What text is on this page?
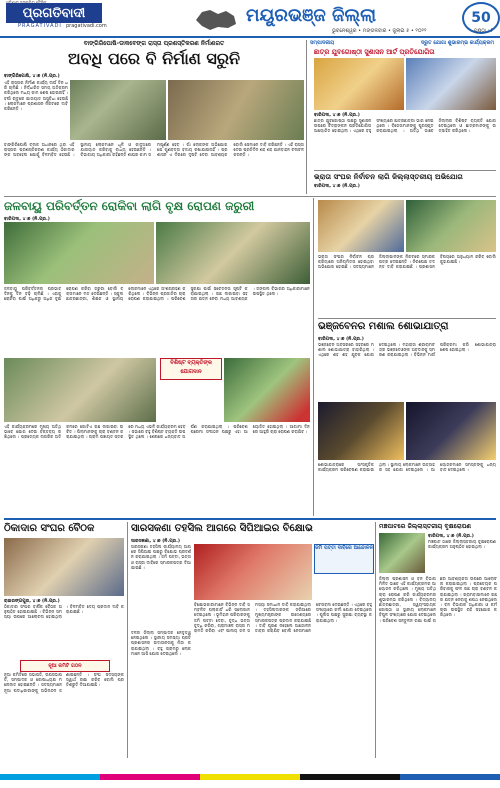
ପ୍ରଗତିବାଦୀ
PRAGATIVADI pragativadi.com	ମୟୂରଭଞ୍ଜ ଜିଲ୍ଲା	50
ଭୁବନେଶ୍ୱର • ମଙ୍ଗଳବାର • ଜୁଲାଇ ୫ • ୨୦୨୨	ପୃଷ୍ଠା : ୮
ବାଙ୍ଗିରିପୋଷି-ଡାକବେଙ୍ଗ ରାସ୍ତା ପ୍ରଶସ୍ତିକରଣ ନିର୍ମାଣରତ
ଅବଧି ପରେ ବି ନିର୍ମାଣ ସରୁନି
ବାଙ୍ଗିରିପୋଷି, ୪।୭ (ନି.ପ୍ର.)
ଏହି ରାସ୍ତାର ନିର୍ମାଣ କାର୍ଯ୍ୟ ଦୀର୍ଘ ଦିନ ଧରି ଚାଲିଛି । ନିର୍ଦ୍ଧାରିତ ସମୟ ଅତିକ୍ରମ କରିଥିଲେ ମଧ୍ୟ କାମ ଶେଷ ହୋଇନାହିଁ । ବର୍ଷା ଋତୁରେ ଯାତାୟାତ ଅସୁବିଧା ହେଉଛି । ଲୋକମାନେ ପ୍ରଶାସନ ନିକଟରେ ଦାବି କରିଛନ୍ତି ।
ବାଙ୍ଗିରିପୋଷି ବ୍ଲକ ଅଧୀନରେ ଥିବା ଏହି ରାସ୍ତାର ପ୍ରଶସ୍ତିକରଣ କାର୍ଯ୍ୟ ଠିକାଦାରଙ୍କ ଅବହେଳା ଯୋଗୁଁ ବିଳମ୍ବିତ ହେଉଛି । ସ୍ଥାନୀୟ ଲୋକମାନେ ଧୂଳି ଓ କାଦୁଅରେ ଯାତାୟାତ କରିବାକୁ ବାଧ୍ୟ ହେଉଛନ୍ତି । ବିଭାଗୀୟ ଅଧିକାରୀ କହିଛନ୍ତି ଶୀଘ୍ର କାମ ସମ୍ପୂର୍ଣ୍ଣ ହେବ । ଗାଁ ଲୋକଙ୍କ ଅଭିଯୋଗ ଯେ ଗୁଣବତ୍ତା ବଜାୟ ରଖାଯାଉନାହିଁ । ପ୍ରଶାସନ ଏ ଦିଗରେ ଦୃଷ୍ଟି ଦେବା ଆବଶ୍ୟକ ବୋଲି ସେମାନେ ଦାବି କରିଛନ୍ତି । ଏହି ରାସ୍ତା ଦେଇ ପ୍ରତିଦିନ ଶହ ଶହ ଯାନବାହନ ଚଳାଚଳ କରନ୍ତି ।
ସମ୍ପାଦକୀୟ	ଦ୍ରୁତ ଯୋଗା ଶୁଭାରମ୍ଭ କାର୍ଯ୍ୟକ୍ରମ
ଛାତ୍ର ଯୁବଗୋଷ୍ଠୀ ସୁଶାସନ ଆର୍ଟ ପ୍ରତିଯୋଗିତା
ବାରିପଦା, ୪।୭ (ନି.ପ୍ର.)
ଛାତ୍ର ଯୁବଗୋଷ୍ଠୀ ପକ୍ଷରୁ ସୁଶାସନ ଉପରେ ଚିତ୍ରାଙ୍କନ ପ୍ରତିଯୋଗିତା ଆୟୋଜିତ ହୋଇଥିଲା । ଏଥିରେ ବହୁ ସଂଖ୍ୟାରେ ଛାତ୍ରଛାତ୍ରୀ ଭାଗ ନେଇଥିଲେ । ବିଜେତାମାନଙ୍କୁ ପୁରସ୍କୃତ କରାଯାଇଥିଲା । ଅତିଥି ଭାବେ ଜିଲ୍ଲାର ବିଶିଷ୍ଟ ବ୍ୟକ୍ତି ଯୋଗ ଦେଇଥିଲେ ଓ ଛାତ୍ରମାନଙ୍କୁ ଉତ୍ସାହିତ କରିଥିଲେ ।
ଭ୍ରାତା ସଂଘର ନିର୍ବାଚନ ଲାଗି ଜିଲ୍ଲାସ୍ତରୀୟ ଅଭିଯୋଗ
ବାରିପଦା, ୪।୭ (ନି.ପ୍ର.)
ଜଳବାୟୁ ପରିବର୍ତ୍ତନ ରୋକିବା ଲାଗି ବୃକ୍ଷ ରୋପଣ ଜରୁରୀ
ବାରିପଦା, ୪।୭ (ନି.ପ୍ର.)
ଜଳବାୟୁ ପରିବର୍ତ୍ତନର ପ୍ରଭାବ ଦିନକୁ ଦିନ ବଢ଼ି ଚାଲିଛି । ଏହାକୁ ରୋକିବା ପାଇଁ ଅଧିକରୁ ଅଧିକ ବୃକ୍ଷ ରୋପଣ କରିବା ଜରୁରୀ ବୋଲି ବକ୍ତାମାନେ ମତ ଦେଇଛନ୍ତି । ସ୍କୁଲ ଛାତ୍ରଛାତ୍ରୀ, ଶିକ୍ଷକ ଓ ସ୍ଥାନୀୟ ଲୋକମାନେ ଏଥିରେ ଅଂଶଗ୍ରହଣ କରିଥିଲେ । ବିଭିନ୍ନ ପ୍ରଜାତିର ଚାରା ରୋପଣ କରାଯାଇଥିଲା । ପରିବେଶ ସୁରକ୍ଷା ପାଇଁ ସଚେତନତା ସୃଷ୍ଟି କରାଯାଇଥିଲା । ଗଛ ଲଗାଇବା ସହ ତାର ଯତ୍ନ ନେବା ମଧ୍ୟ ଆବଶ୍ୟକ । ଜଙ୍ଗଲ ବିଭାଗର ଅଧିକାରୀମାନେ ଉପସ୍ଥିତ ଥିଲେ ।
ବିଶିଷ୍ଟ ବ୍ୟକ୍ତିଙ୍କ ଯୋଗଦାନ
ଏହି କାର୍ଯ୍ୟକ୍ରମରେ ମୁଖ୍ୟ ଅତିଥି ଭାବେ ଯୋଗ ଦେଇ ବକ୍ତବ୍ୟ ରଖିଥିଲେ । ପ୍ରତ୍ୟେକ ନାଗରିକ ଅତି କମରେ ଗୋଟିଏ ଗଛ ଲଗାଇବା ଉଚିତ । ପିଲାମାନଙ୍କୁ ଚାରା ବଣ୍ଟନ କରାଯାଇଥିଲା । ଗ୍ରାମ ପଞ୍ଚାୟତ ସ୍ତରରେ ମଧ୍ୟ ଏଭଳି କାର୍ଯ୍ୟକ୍ରମ ହେବ । ସଭାରେ ବହୁ ବିଶିଷ୍ଟ ବ୍ୟକ୍ତି ଉପସ୍ଥିତ ଥିଲେ । ଶେଷରେ ଧନ୍ୟବାଦ ଅର୍ପଣ କରାଯାଇଥିଲା । ପରିବେଶ ପ୍ରେମୀ ସଂଗଠନ ପକ୍ଷରୁ ଏହା ଆୟୋଜିତ ହୋଇଥିଲା । ଆଗାମୀ ଦିନରେ ଆହୁରି ଚାରା ରୋପଣ କରାଯିବ ।
ଭ୍ରାତା ସଂଘର ନିର୍ବାଚନ ପ୍ରକ୍ରିୟାରେ ଅନିୟମିତତା ହୋଇଥିବା ଅଭିଯୋଗ ହୋଇଛି । ସଦସ୍ୟମାନେ ଜିଲ୍ଲାପାଳଙ୍କ ନିକଟରେ ସ୍ମାରକପତ୍ର ଦେଇଛନ୍ତି । ନିରପେକ୍ଷ ତଦନ୍ତ ଦାବି କରାଯାଇଛି । ପ୍ରଶାସନ ବିଷୟରେ ଅନୁଧ୍ୟାନ କରିବ ବୋଲି କୁହାଯାଇଛି ।
ଭଞ୍ଜବେନର ମଶାଲ ଶୋଭାଯାତ୍ରା
ବାରିପଦା, ୪।୭ (ନି.ପ୍ର.)
ଭଞ୍ଜବେନ ଅବସରରେ ସହରରେ ମଶାଲ ଶୋଭାଯାତ୍ରା ବାହାରିଥିଲା । ଏଥିରେ ଶହ ଶହ ଯୁବକ ଯୋଗ ଦେଇଥିଲେ । ମହାରାଜା ଶ୍ରୀରାମଚନ୍ଦ୍ର ଭଞ୍ଜଦେଓଙ୍କ ଅବଦାନକୁ ସ୍ମରଣ କରାଯାଇଥିଲା । ବିଭିନ୍ନ ମାର୍ଗ ପରିକ୍ରମା କରି ଶୋଭାଯାତ୍ରା ଶେଷ ହୋଇଥିଲା ।
ଶୋଭାଯାତ୍ରାରେ ସାଂସ୍କୃତିକ କାର୍ଯ୍ୟକ୍ରମ ପରିବେଷଣ କରାଯାଇଥିଲା । ସ୍ଥାନୀୟ ଲୋକମାନେ ଉତ୍ସାହର ସହ ଯୋଗ ଦେଇଥିଲେ । ଆୟୋଜକମାନେ ସମସ୍ତଙ୍କୁ ଧନ୍ୟବାଦ ଦେଇଥିଲେ ।
ଠିକାଦାର ସଂଘର ବୈଠକ
ରାଇରଙ୍ଗପୁର, ୪।୭ (ନି.ପ୍ର.)
ଠିକାଦାର ସଂଘର ବାର୍ଷିକ ବୈଠକ ଅନୁଷ୍ଠିତ ହୋଇଯାଇଛି । ବିଭିନ୍ନ ସମସ୍ୟା ଉପରେ ଆଲୋଚନା ହୋଇଥିଲା । ବିଳମ୍ବିତ ଦେୟ ପ୍ରଦାନ ଦାବି କରାଯାଇଛି ।
ନୂଆ କମିଟି ଗଠନ
ନୂଆ କମିଟିରେ ସଭାପତି, ଉପସଭାପତି, ସମ୍ପାଦକ ଓ କୋଷାଧ୍ୟକ୍ଷ ମନୋନୀତ ହୋଇଛନ୍ତି । ସଦସ୍ୟମାନେ ନୂଆ ପଦାଧିକାରୀଙ୍କୁ ଅଭିନନ୍ଦନ ଜଣାଇଛନ୍ତି । ସଂଘ ସଦସ୍ୟଙ୍କ ସ୍ୱାର୍ଥ ରକ୍ଷା କରିବ ବୋଲି ପ୍ରତିଶ୍ରୁତି ଦିଆଯାଇଛି ।
ସାରସକଣା ତହସିଲ ଆଗରେ ସିପିଆଇର ବିକ୍ଷୋଭ
ସାରସକଣା, ୪।୭ (ନି.ପ୍ର.)
ସାରସକଣା ତହସିଲ କାର୍ଯ୍ୟାଳୟ ଆଗରେ ସିପିଆଇ ପକ୍ଷରୁ ବିକ୍ଷୋଭ ପ୍ରଦର୍ଶନ କରାଯାଇଥିଲା । ଜମି ପଟ୍ଟା, ଭତ୍ତା ଓ ରାସ୍ତା ଦାବିରେ ସ୍ମାରକପତ୍ର ଦିଆଯାଇଛି ।
ଜମି ପଟ୍ଟା ଦାବିରେ ଆନ୍ଦୋଳନ
ବିକ୍ଷୋଭକାରୀମାନେ ବିଭିନ୍ନ ଦାବି ସମ୍ବଳିତ ପ୍ଲାକାର୍ଡ ଧରି ସ୍ଲୋଗାନ ଦେଇଥିଲେ । ଭୂମିହୀନ ପରିବାରଙ୍କୁ ଜମି ପଟ୍ଟା ଦେବା, ବୃଦ୍ଧ ଭତ୍ତା ବୃଦ୍ଧି କରିବା, ଗ୍ରାମାଞ୍ଚଳ ରାସ୍ତା ମରାମତି କରିବା ଏବଂ ପାନୀୟ ଜଳ ସମସ୍ୟା ସମାଧାନ ଦାବି କରାଯାଇଥିଲା । ତହସିଲଦାରଙ୍କ ଜରିଆରେ ମୁଖ୍ୟମନ୍ତ୍ରୀଙ୍କ ଉଦ୍ଦେଶ୍ୟରେ ସ୍ମାରକପତ୍ର ପ୍ରଦାନ କରାଯାଇଛି । ଦାବି ପୂରଣ ନହେଲେ ଆନ୍ଦୋଳନ ତୀବ୍ର କରାଯିବ ବୋଲି ନେତାମାନେ ଚେତାବନୀ ଦେଇଛନ୍ତି । ଏଥିରେ ବହୁ ସଂଖ୍ୟାରେ କର୍ମୀ ଯୋଗ ଦେଇଥିଲେ । ପୁଲିସ ପକ୍ଷରୁ ସୁରକ୍ଷା ବ୍ୟବସ୍ଥା କରାଯାଇଥିଲା ।
ଦଳର ଜିଲ୍ଲା ସମ୍ପାଦକ ନେତୃତ୍ୱ ନେଇଥିଲେ । ସ୍ଥାନୀୟ ସମସ୍ୟା ପ୍ରତି ପ୍ରଶାସନର ଉଦାସୀନତାକୁ ନିନ୍ଦା କରାଯାଇଥିଲା । ବହୁ ଗ୍ରାମରୁ ଲୋକମାନେ ଆସି ଯୋଗ ଦେଇଥିଲେ ।
ମଞ୍ଚପାଟରେ ଜିଲ୍ଲାସ୍ତରୀୟ ବୃକ୍ଷରୋପଣ
ବାରିପଦା, ୪।୭ (ନି.ପ୍ର.)
ମଞ୍ଚପାଟ ଠାରେ ଜିଲ୍ଲାସ୍ତରୀୟ ବୃକ୍ଷରୋପଣ କାର୍ଯ୍ୟକ୍ରମ ଅନୁଷ୍ଠିତ ହୋଇଥିଲା ।
ଜିଲ୍ଲା ପ୍ରଶାସନ ଓ ବନ ବିଭାଗ ମିଳିତ ଭାବେ ଏହି କାର୍ଯ୍ୟକ୍ରମର ଆୟୋଜନ କରିଥିଲେ । ମୁଖ୍ୟ ଅତିଥି ଚାରା ରୋପଣ କରି କାର୍ଯ୍ୟକ୍ରମର ଶୁଭାରମ୍ଭ କରିଥିଲେ । ବିଦ୍ୟାଳୟ ଛାତ୍ରଛାତ୍ରୀ, ସ୍ୱୟଂସହାୟକ ଗୋଷ୍ଠୀ ଓ ସ୍ଥାନୀୟ ଲୋକମାନେ ବିପୁଳ ସଂଖ୍ୟାରେ ଯୋଗ ଦେଇଥିଲେ । ପରିବେଶ ସନ୍ତୁଳନ ରକ୍ଷା ପାଇଁ ଗଛର ଆବଶ୍ୟକତା ଉପରେ ଆଲୋଚନା କରାଯାଇଥିଲା । ପ୍ରତ୍ୟେକ ପରିବାରକୁ ଫଳ ଗଛ ଚାରା ବଣ୍ଟନ କରାଯାଇଥିଲା । ଗ୍ରାମବାସୀମାନେ ଗଛର ଯତ୍ନ ନେବାକୁ ଶପଥ ନେଇଥିଲେ । ବନ ବିଭାଗର ଅଧିକାରୀ ଓ କର୍ମଚାରୀ ଉପସ୍ଥିତ ରହି ସହଯୋଗ କରିଥିଲେ ।
